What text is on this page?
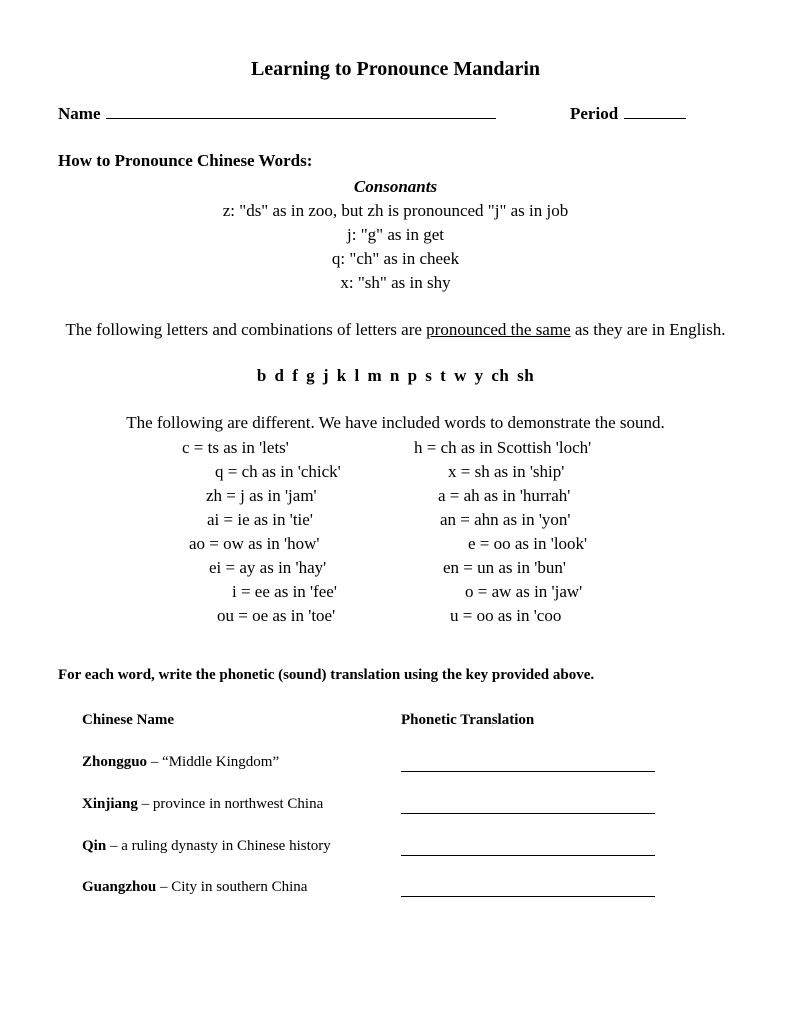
Learning to Pronounce Mandarin
Name	Period
How to Pronounce Chinese Words:
Consonants
z: "ds" as in zoo, but zh is pronounced "j" as in job
j: "g" as in get
q: "ch" as in cheek
x: "sh" as in shy
The following letters and combinations of letters are pronounced the same as they are in English.
b d f g j k l m n p s t w y ch sh
The following are different. We have included words to demonstrate the sound.
c = ts as in 'lets'
q = ch as in 'chick'
zh = j as in 'jam'
ai = ie as in 'tie'
ao = ow as in 'how'
ei = ay as in 'hay'
i = ee as in 'fee'
ou = oe as in 'toe'
h = ch as in Scottish 'loch'
x = sh as in 'ship'
a = ah as in 'hurrah'
an = ahn as in 'yon'
e = oo as in 'look'
en = un as in 'bun'
o = aw as in 'jaw'
u = oo as in 'coo
For each word, write the phonetic (sound) translation using the key provided above.
Chinese Name	Phonetic Translation
Zhongguo – “Middle Kingdom”
Xinjiang – province in northwest China
Qin – a ruling dynasty in Chinese history
Guangzhou – City in southern China
